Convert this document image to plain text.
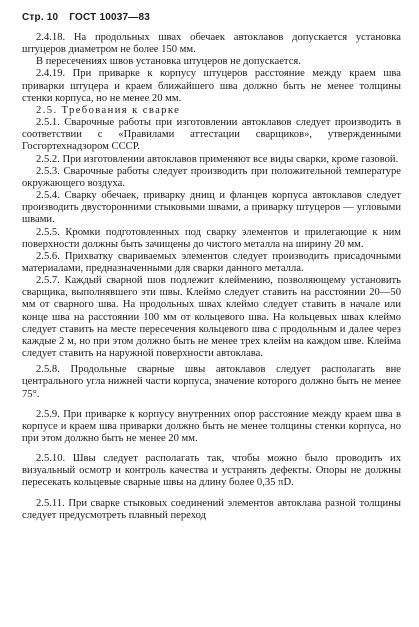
Стр. 10 ГОСТ 10037—83

2.4.18. На продольных швах обечаек автоклавов допускается установка штуцеров диаметром не более 150 мм.

В пересечениях швов установка штуцеров не допускается.

2.4.19. При приварке к корпусу штуцеров расстояние между краем шва приварки штуцера и краем ближайшего шва должно быть не менее толщины стенки корпуса, но не менее 20 мм.

2.5. Требования к сварке

2.5.1. Сварочные работы при изготовлении автоклавов следует производить в соответствии с «Правилами аттестации сварщиков», утвержденными Госгортехнадзором СССР.

2.5.2. При изготовлении автоклавов применяют все виды сварки, кроме газовой.

2.5.3. Сварочные работы следует производить при положительной температуре окружающего воздуха.

2.5.4. Сварку обечаек, приварку днищ и фланцев корпуса автоклавов следует производить двусторонними стыковыми швами, а приварку штуцеров — угловыми швами.

2.5.5. Кромки подготовленных под сварку элементов и прилегающие к ним поверхности должны быть зачищены до чистого металла на ширину 20 мм.

2.5.6. Прихватку свариваемых элементов следует производить присадочными материалами, предназначенными для сварки данного металла.

2.5.7. Каждый сварной шов подлежит клеймению, позволяющему установить сварщика, выполнявшего эти швы. Клеймо следует ставить на расстоянии 20—50 мм от сварного шва. На продольных швах клеймо следует ставить в начале или конце шва на расстоянии 100 мм от кольцевого шва. На кольцевых швах клеймо следует ставить на месте пересечения кольцевого шва с продольным и далее через каждые 2 м, но при этом должно быть не менее трех клейм на каждом шве. Клейма следует ставить на наружной поверхности автоклава.

2.5.8. Продольные сварные швы автоклавов следует располагать вне центрального угла нижней части корпуса, значение которого должно быть не менее 75°.

2.5.9. При приварке к корпусу внутренних опор расстояние между краем шва в корпусе и краем шва приварки должно быть не менее толщины стенки корпуса, но при этом должно быть не менее 20 мм.

2.5.10. Швы следует располагать так, чтобы можно было проводить их визуальный осмотр и контроль качества и устранять дефекты. Опоры не должны пересекать кольцевые сварные швы на длину более 0,35 πD.

2.5.11. При сварке стыковых соединений элементов автоклава разной толщины следует предусмотреть плавный переход
